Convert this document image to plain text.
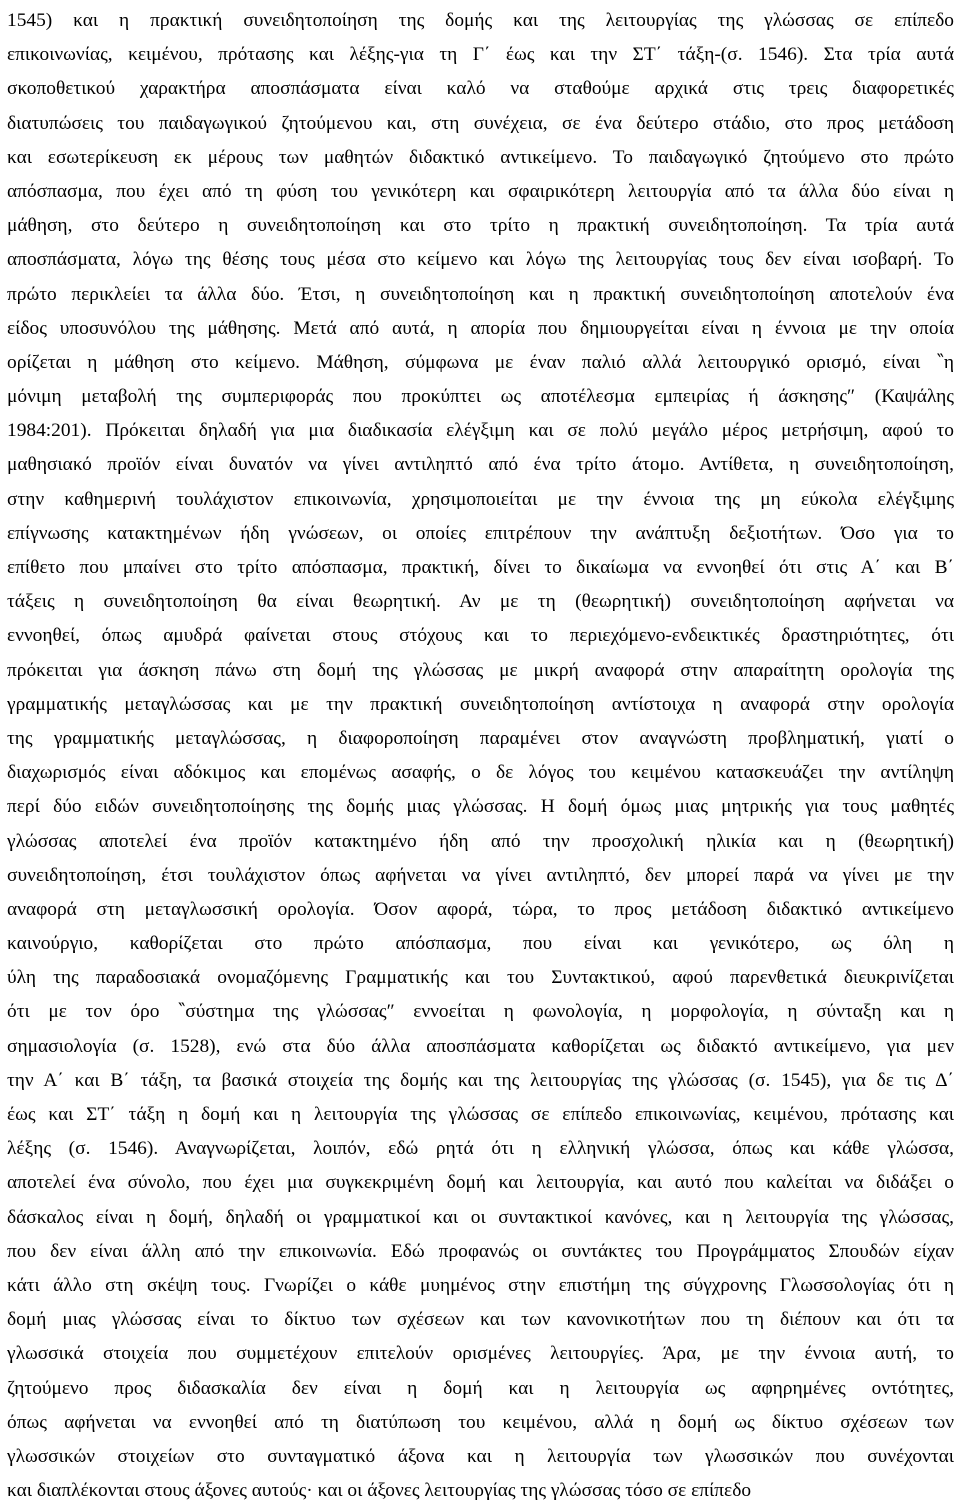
1545) και η πρακτική συνειδητοποίηση της δομής και της λειτουργίας της γλώσσας σε επίπεδο
επικοινωνίας, κειμένου, πρότασης και λέξης-για τη Γ΄ έως και την ΣΤ΄ τάξη-(σ. 1546). Στα τρία αυτά
σκοποθετικού χαρακτήρα αποσπάσματα είναι καλό να σταθούμε αρχικά στις τρεις διαφορετικές
διατυπώσεις του παιδαγωγικού ζητούμενου και, στη συνέχεια, σε ένα δεύτερο στάδιο, στο προς μετάδοση
και εσωτερίκευση εκ μέρους των μαθητών διδακτικό αντικείμενο. Το παιδαγωγικό ζητούμενο στο πρώτο
απόσπασμα, που έχει από τη φύση του γενικότερη και σφαιρικότερη λειτουργία από τα άλλα δύο είναι η
μάθηση, στο δεύτερο η συνειδητοποίηση και στο τρίτο η πρακτική συνειδητοποίηση. Τα τρία αυτά
αποσπάσματα, λόγω της θέσης τους μέσα στο κείμενο και λόγω της λειτουργίας τους δεν είναι ισοβαρή. Το
πρώτο περικλείει τα άλλα δύο. Έτσι, η συνειδητοποίηση και η πρακτική συνειδητοποίηση αποτελούν ένα
είδος υποσυνόλου της μάθησης. Μετά από αυτά, η απορία που δημιουργείται είναι η έννοια με την οποία
ορίζεται η μάθηση στο κείμενο. Μάθηση, σύμφωνα με έναν παλιό αλλά λειτουργικό ορισμό, είναι ‶η
μόνιμη μεταβολή της συμπεριφοράς που προκύπτει ως αποτέλεσμα εμπειρίας ή άσκησης″ (Καψάλης
1984:201). Πρόκειται δηλαδή για μια διαδικασία ελέγξιμη και σε πολύ μεγάλο μέρος μετρήσιμη, αφού το
μαθησιακό προϊόν είναι δυνατόν να γίνει αντιληπτό από ένα τρίτο άτομο. Αντίθετα, η συνειδητοποίηση,
στην καθημερινή τουλάχιστον επικοινωνία, χρησιμοποιείται με την έννοια της μη εύκολα ελέγξιμης
επίγνωσης κατακτημένων ήδη γνώσεων, οι οποίες επιτρέπουν την ανάπτυξη δεξιοτήτων. Όσο για το
επίθετο που μπαίνει στο τρίτο απόσπασμα, πρακτική, δίνει το δικαίωμα να εννοηθεί ότι στις Α΄ και Β΄
τάξεις η συνειδητοποίηση θα είναι θεωρητική. Αν με τη (θεωρητική) συνειδητοποίηση αφήνεται να
εννοηθεί, όπως αμυδρά φαίνεται στους στόχους και το περιεχόμενο-ενδεικτικές δραστηριότητες, ότι
πρόκειται για άσκηση πάνω στη δομή της γλώσσας με μικρή αναφορά στην απαραίτητη ορολογία της
γραμματικής μεταγλώσσας και με την πρακτική συνειδητοποίηση αντίστοιχα η αναφορά στην ορολογία
της γραμματικής μεταγλώσσας, η διαφοροποίηση παραμένει στον αναγνώστη προβληματική, γιατί ο
διαχωρισμός είναι αδόκιμος και επομένως ασαφής, ο δε λόγος του κειμένου κατασκευάζει την αντίληψη
περί δύο ειδών συνειδητοποίησης της δομής μιας γλώσσας. Η δομή όμως μιας μητρικής για τους μαθητές
γλώσσας αποτελεί ένα προϊόν κατακτημένο ήδη από την προσχολική ηλικία και η (θεωρητική)
συνειδητοποίηση, έτσι τουλάχιστον όπως αφήνεται να γίνει αντιληπτό, δεν μπορεί παρά να γίνει με την
αναφορά στη μεταγλωσσική ορολογία. Όσον αφορά, τώρα, το προς μετάδοση διδακτικό αντικείμενο
καινούργιο, καθορίζεται στο πρώτο απόσπασμα, που είναι και γενικότερο, ως όλη η
ύλη της παραδοσιακά ονομαζόμενης Γραμματικής και του Συντακτικού, αφού παρενθετικά διευκρινίζεται
ότι με τον όρο ‶σύστημα της γλώσσας″ εννοείται η φωνολογία, η μορφολογία, η σύνταξη και η
σημασιολογία (σ. 1528), ενώ στα δύο άλλα αποσπάσματα καθορίζεται ως διδακτό αντικείμενο, για μεν
την Α΄ και Β΄ τάξη, τα βασικά στοιχεία της δομής και της λειτουργίας της γλώσσας (σ. 1545), για δε τις Δ΄
έως και ΣΤ΄ τάξη η δομή και η λειτουργία της γλώσσας σε επίπεδο επικοινωνίας, κειμένου, πρότασης και
λέξης (σ. 1546). Αναγνωρίζεται, λοιπόν, εδώ ρητά ότι η ελληνική γλώσσα, όπως και κάθε γλώσσα,
αποτελεί ένα σύνολο, που έχει μια συγκεκριμένη δομή και λειτουργία, και αυτό που καλείται να διδάξει ο
δάσκαλος είναι η δομή, δηλαδή οι γραμματικοί και οι συντακτικοί κανόνες, και η λειτουργία της γλώσσας,
που δεν είναι άλλη από την επικοινωνία. Εδώ προφανώς οι συντάκτες του Προγράμματος Σπουδών είχαν
κάτι άλλο στη σκέψη τους. Γνωρίζει ο κάθε μυημένος στην επιστήμη της σύγχρονης Γλωσσολογίας ότι η
δομή μιας γλώσσας είναι το δίκτυο των σχέσεων και των κανονικοτήτων που τη διέπουν και ότι τα
γλωσσικά στοιχεία που συμμετέχουν επιτελούν ορισμένες λειτουργίες. Άρα, με την έννοια αυτή, το
ζητούμενο προς διδασκαλία δεν είναι η δομή και η λειτουργία ως αφηρημένες οντότητες,
όπως αφήνεται να εννοηθεί από τη διατύπωση του κειμένου, αλλά η δομή ως δίκτυο σχέσεων των
γλωσσικών στοιχείων στο συνταγματικό άξονα και η λειτουργία των γλωσσικών που συνέχονται
και διαπλέκονται στους άξονες αυτούς· και οι άξονες λειτουργίας της γλώσσας τόσο σε επίπεδο
